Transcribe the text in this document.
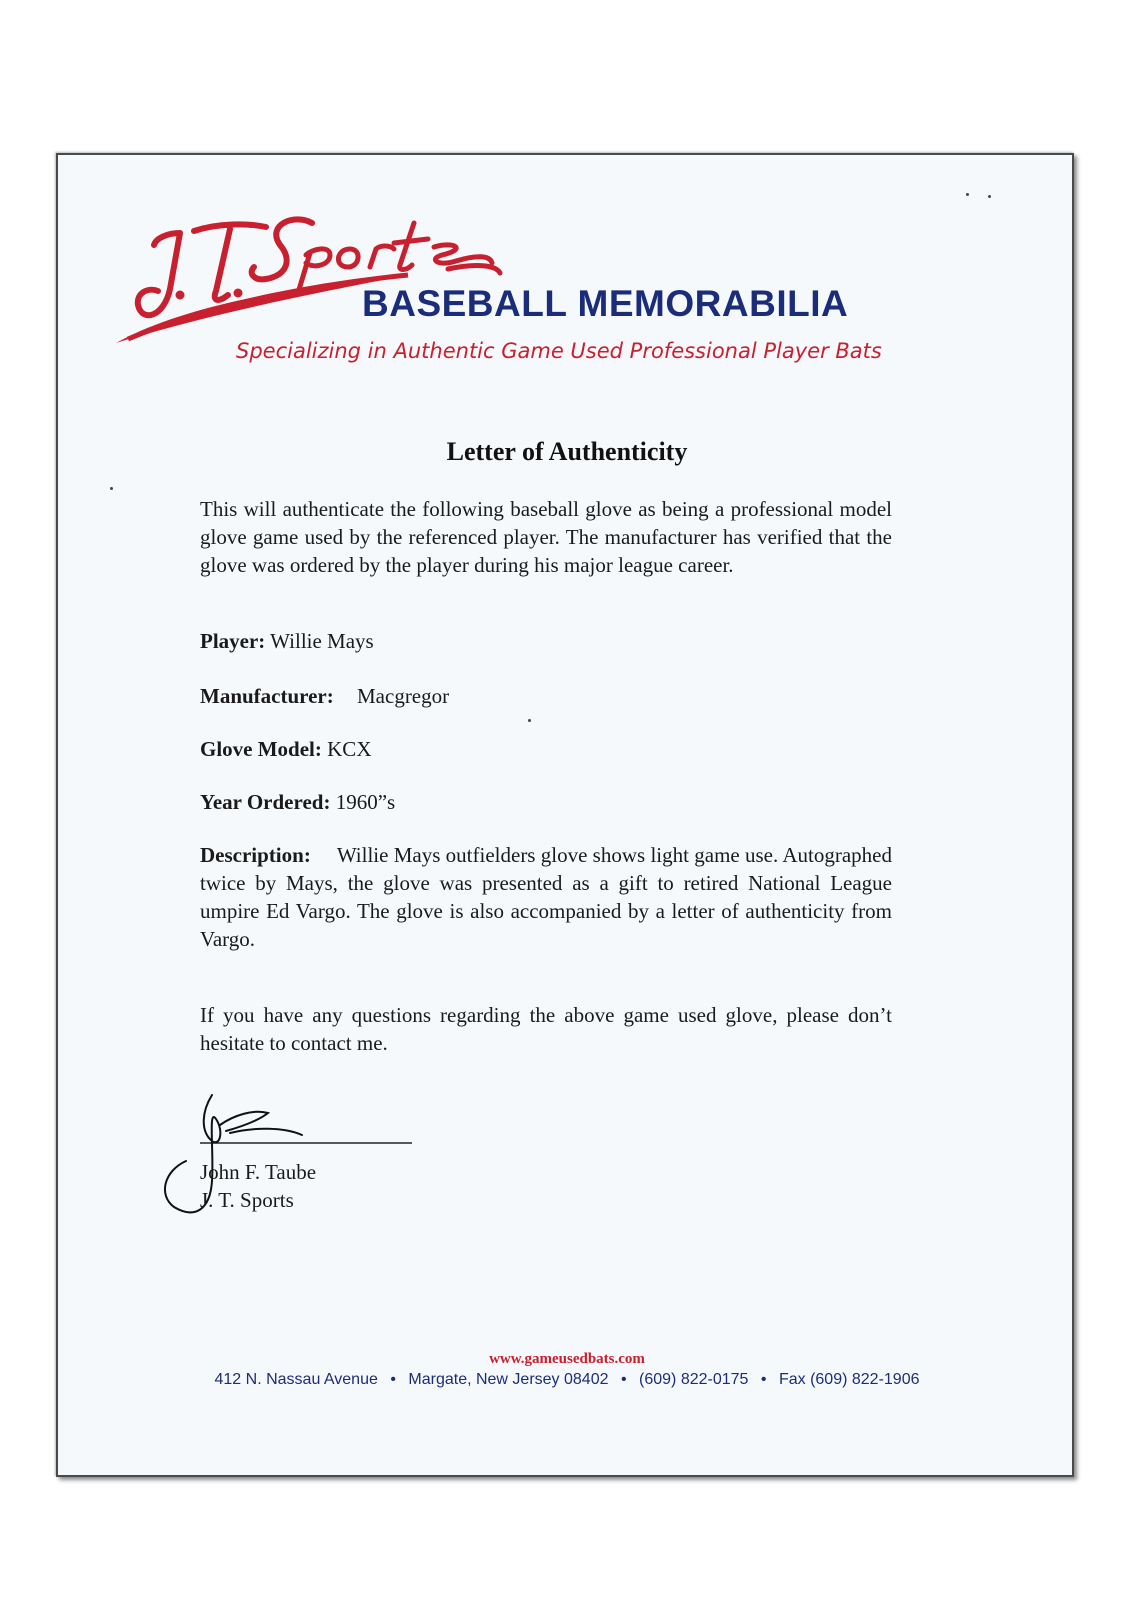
BASEBALL MEMORABILIA

Specializing in Authentic Game Used Professional Player Bats

Letter of Authenticity

This will authenticate the following baseball glove as being a professional model glove game used by the referenced player. The manufacturer has verified that the glove was ordered by the player during his major league career.

Player: Willie Mays

Manufacturer: Macgregor

Glove Model: KCX

Year Ordered: 1960”s

Description: Willie Mays outfielders glove shows light game use. Autographed twice by Mays, the glove was presented as a gift to retired National League umpire Ed Vargo. The glove is also accompanied by a letter of authenticity from Vargo.

If you have any questions regarding the above game used glove, please don’t hesitate to contact me.

John F. Taube

J. T. Sports

www.gameusedbats.com

412 N. Nassau Avenue • Margate, New Jersey 08402 • (609) 822-0175 • Fax (609) 822-1906
